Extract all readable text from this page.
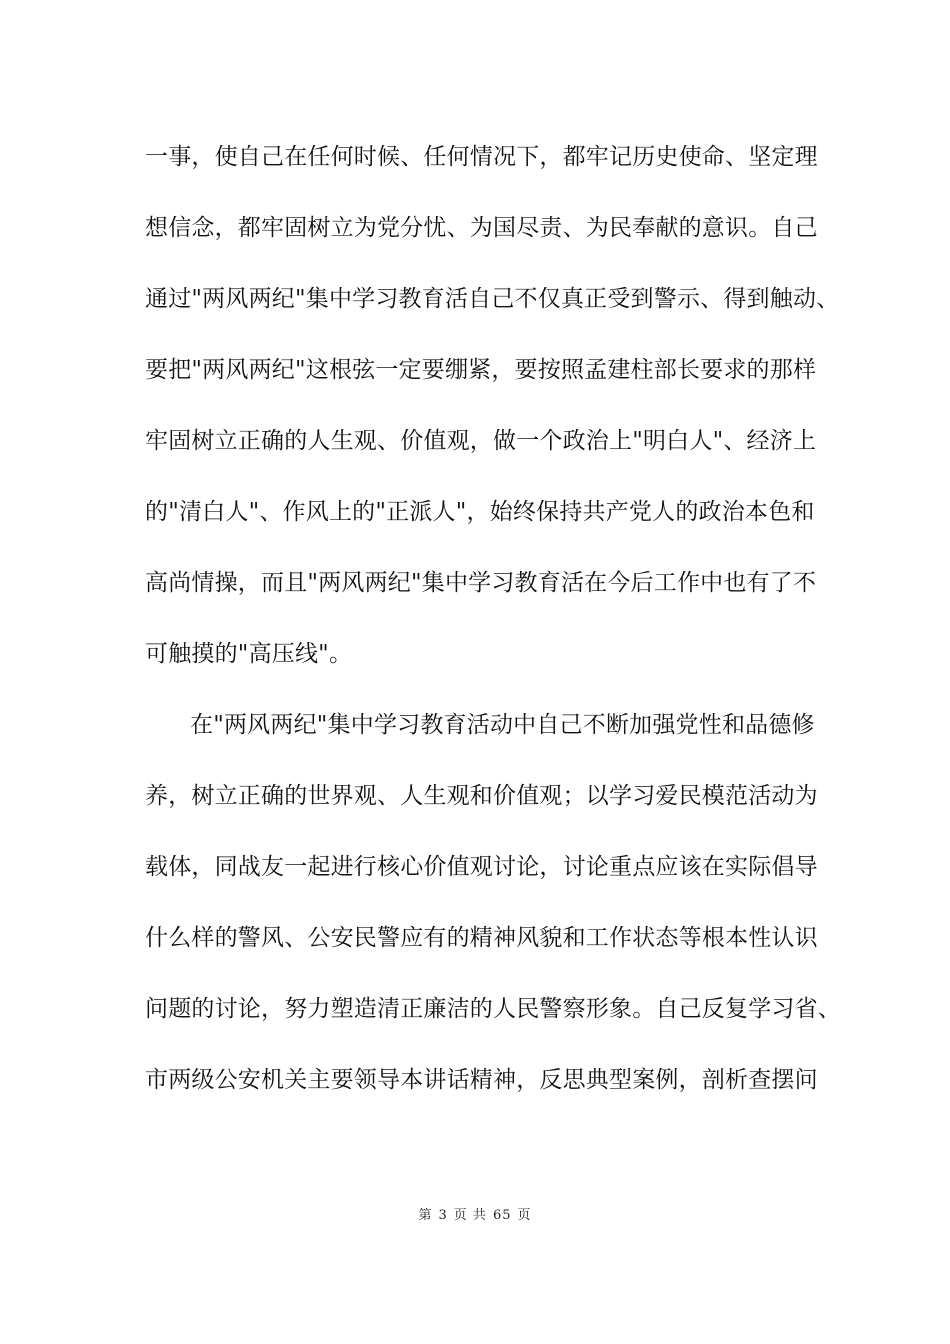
一事，使自己在任何时候、任何情况下，都牢记历史使命、坚定理
想信念，都牢固树立为党分忧、为国尽责、为民奉献的意识。自己
通过"两风两纪"集中学习教育活自己不仅真正受到警示、得到触动、
要把"两风两纪"这根弦一定要绷紧，要按照孟建柱部长要求的那样
牢固树立正确的人生观、价值观，做一个政治上"明白人"、经济上
的"清白人"、作风上的"正派人"，始终保持共产党人的政治本色和
高尚情操，而且"两风两纪"集中学习教育活在今后工作中也有了不
可触摸的"高压线"。
在"两风两纪"集中学习教育活动中自己不断加强党性和品德修
养，树立正确的世界观、人生观和价值观；以学习爱民模范活动为
载体，同战友一起进行核心价值观讨论，讨论重点应该在实际倡导
什么样的警风、公安民警应有的精神风貌和工作状态等根本性认识
问题的讨论，努力塑造清正廉洁的人民警察形象。自己反复学习省、
市两级公安机关主要领导本讲话精神，反思典型案例，剖析查摆问
第 3 页 共 65 页
